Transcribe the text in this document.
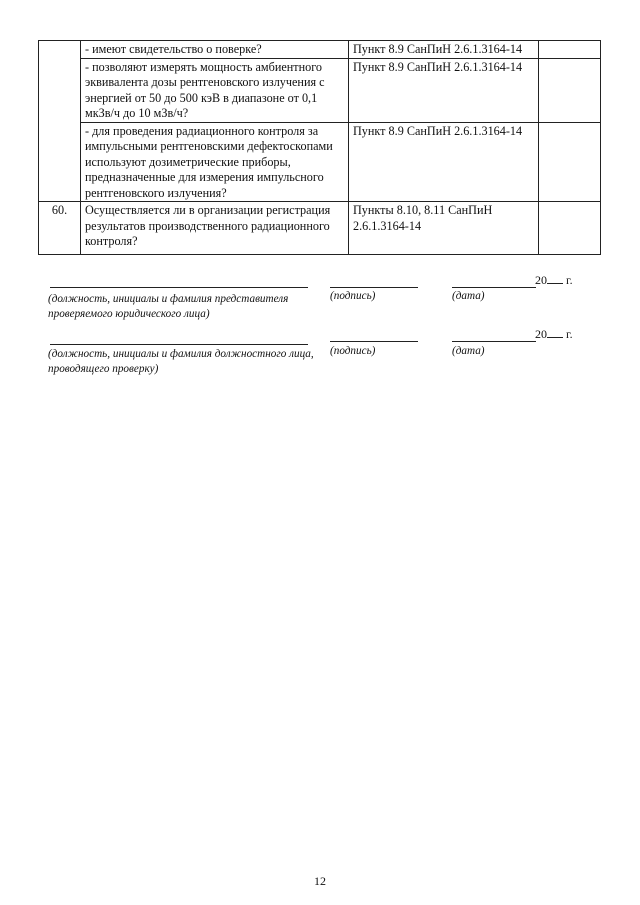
	- имеют свидетельство о поверке?	Пункт 8.9 СанПиН 2.6.1.3164-14	
	- позволяют измерять мощность амбиентного эквивалента дозы рентгеновского излучения с энергией от 50 до 500 кэВ в диапазоне от 0,1 мкЗв/ч до 10 мЗв/ч?	Пункт 8.9 СанПиН 2.6.1.3164-14	
	- для проведения радиационного контроля за импульсными рентгеновскими дефектоскопами используют дозиметрические приборы, предназначенные для измерения импульсного рентгеновского излучения?	Пункт 8.9 СанПиН 2.6.1.3164-14	
60.	Осуществляется ли в организации регистрация результатов производственного радиационного контроля?	Пункты 8.10, 8.11 СанПиН 2.6.1.3164-14	
20 г.
(должность, инициалы и фамилия представителя проверяемого юридического лица)
(подпись)	(дата)
20 г.
(должность, инициалы и фамилия должностного лица, проводящего проверку)
(подпись)	(дата)
12
